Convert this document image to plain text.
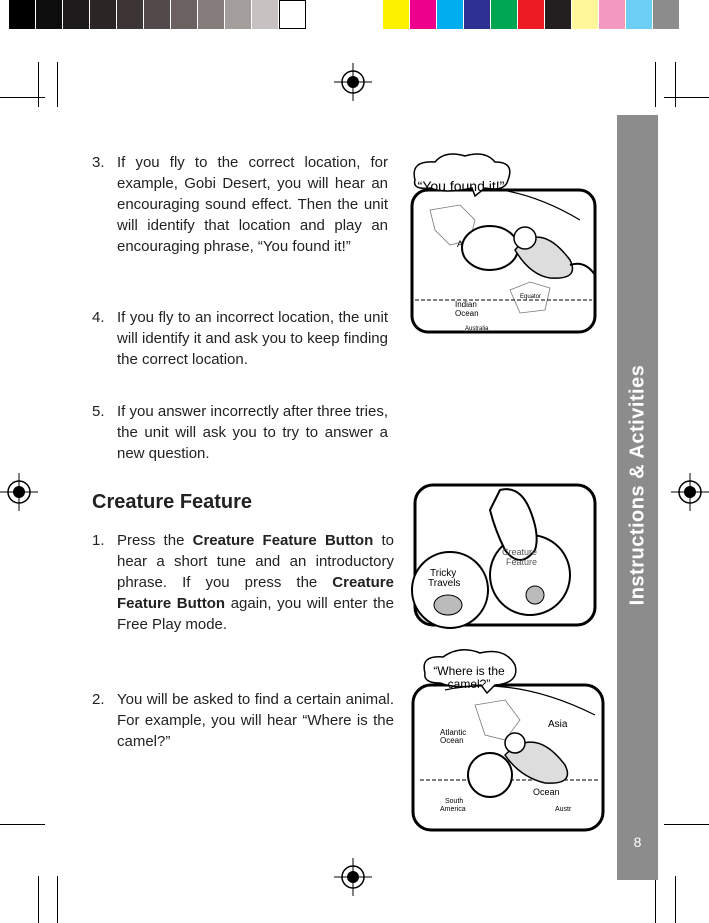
Instructions & Activities
8
3. If you fly to the correct location, for example, Gobi Desert, you will hear an encouraging sound effect. Then the unit will identify that location and play an encouraging phrase, “You found it!”
4. If you fly to an incorrect location, the unit will identify it and ask you to keep finding the correct location.
5. If you answer incorrectly after three tries, the unit will ask you to try to answer a new question.
Creature Feature
1. Press the Creature Feature Button to hear a short tune and an introductory phrase. If you press the Creature Feature Button again, you will enter the Free Play mode.
2. You will be asked to find a certain animal. For example, you will hear “Where is the camel?”
“You found it!”
A
Indian
Ocean
Australia
Equator
Tricky
Travels
Creature
Feature
“Where is the
camel?”
Atlantic
Ocean
Asia
Ocean
South
America	Austr
